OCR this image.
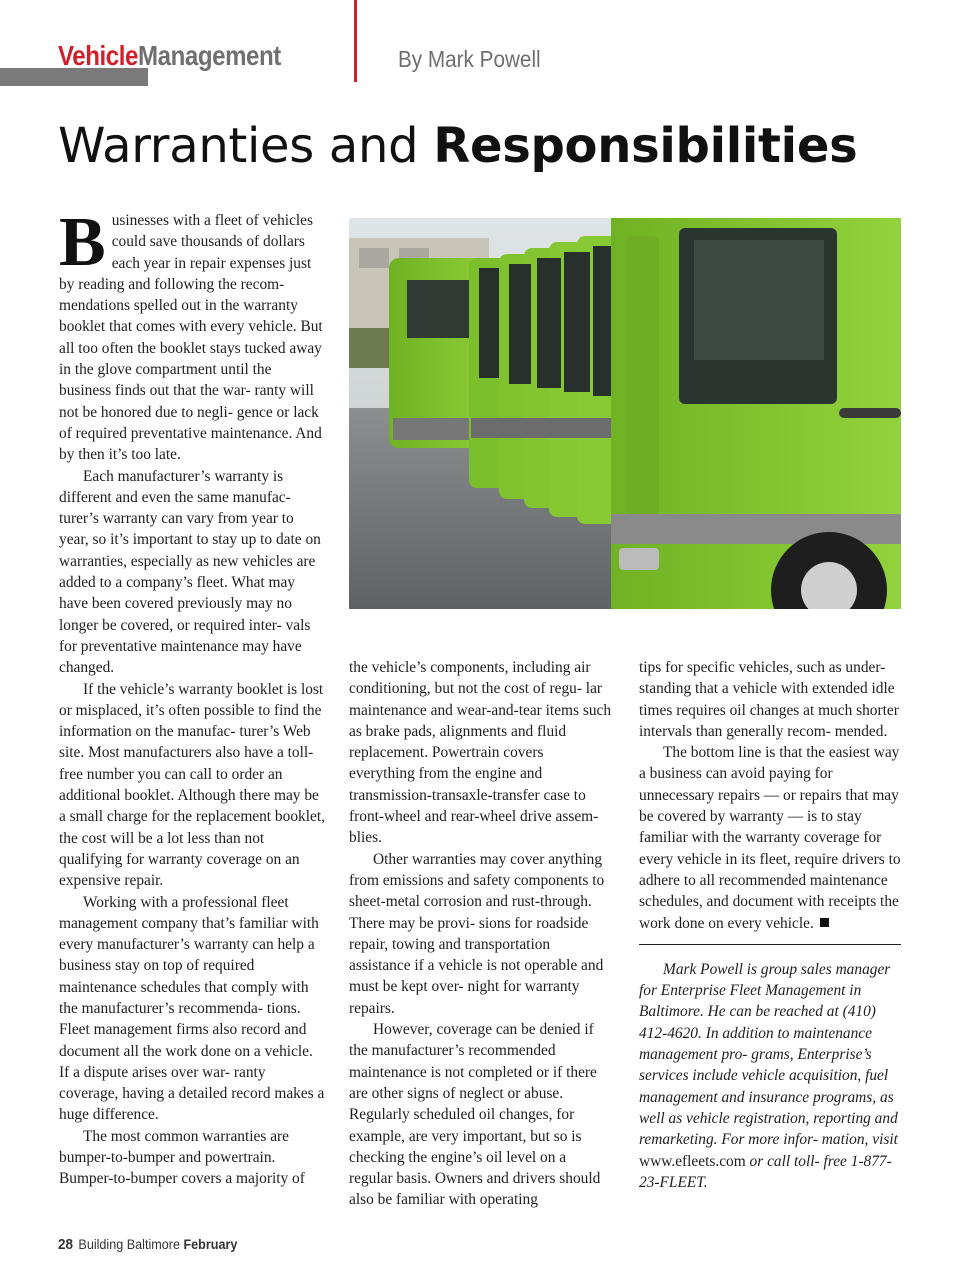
VehicleManagement	By Mark Powell
Warranties and Responsibilities

Businesses with a fleet of vehicles could save thousands of dollars each year in repair expenses just by reading and following the recom- mendations spelled out in the warranty booklet that comes with every vehicle. But all too often the booklet stays tucked away in the glove compartment until the business finds out that the war- ranty will not be honored due to negli- gence or lack of required preventative maintenance. And by then it’s too late.

Each manufacturer’s warranty is different and even the same manufac- turer’s warranty can vary from year to year, so it’s important to stay up to date on warranties, especially as new vehicles are added to a company’s fleet. What may have been covered previously may no longer be covered, or required inter- vals for preventative maintenance may have changed.

If the vehicle’s warranty booklet is lost or misplaced, it’s often possible to find the information on the manufac- turer’s Web site. Most manufacturers also have a toll-free number you can call to order an additional booklet. Although there may be a small charge for the replacement booklet, the cost will be a lot less than not qualifying for warranty coverage on an expensive repair.

Working with a professional fleet management company that’s familiar with every manufacturer’s warranty can help a business stay on top of required maintenance schedules that comply with the manufacturer’s recommenda- tions. Fleet management firms also record and document all the work done on a vehicle. If a dispute arises over war- ranty coverage, having a detailed record makes a huge difference.

The most common warranties are bumper-to-bumper and powertrain. Bumper-to-bumper covers a majority of

the vehicle’s components, including air conditioning, but not the cost of regu- lar maintenance and wear-and-tear items such as brake pads, alignments and fluid replacement. Powertrain covers everything from the engine and transmission-transaxle-transfer case to front-wheel and rear-wheel drive assem- blies.

Other warranties may cover anything from emissions and safety components to sheet-metal corrosion and rust-through. There may be provi- sions for roadside repair, towing and transportation assistance if a vehicle is not operable and must be kept over- night for warranty repairs.

However, coverage can be denied if the manufacturer’s recommended maintenance is not completed or if there are other signs of neglect or abuse. Regularly scheduled oil changes, for example, are very important, but so is checking the engine’s oil level on a regular basis. Owners and drivers should also be familiar with operating

tips for specific vehicles, such as under- standing that a vehicle with extended idle times requires oil changes at much shorter intervals than generally recom- mended.

The bottom line is that the easiest way a business can avoid paying for unnecessary repairs — or repairs that may be covered by warranty — is to stay familiar with the warranty coverage for every vehicle in its fleet, require drivers to adhere to all recommended maintenance schedules, and document with receipts the work done on every vehicle.

Mark Powell is group sales manager for Enterprise Fleet Management in Baltimore. He can be reached at (410) 412-4620. In addition to maintenance management pro- grams, Enterprise’s services include vehicle acquisition, fuel management and insurance programs, as well as vehicle registration, reporting and remarketing. For more infor- mation, visit www.efleets.com or call toll- free 1-877-23-FLEET.

28 Building Baltimore February
